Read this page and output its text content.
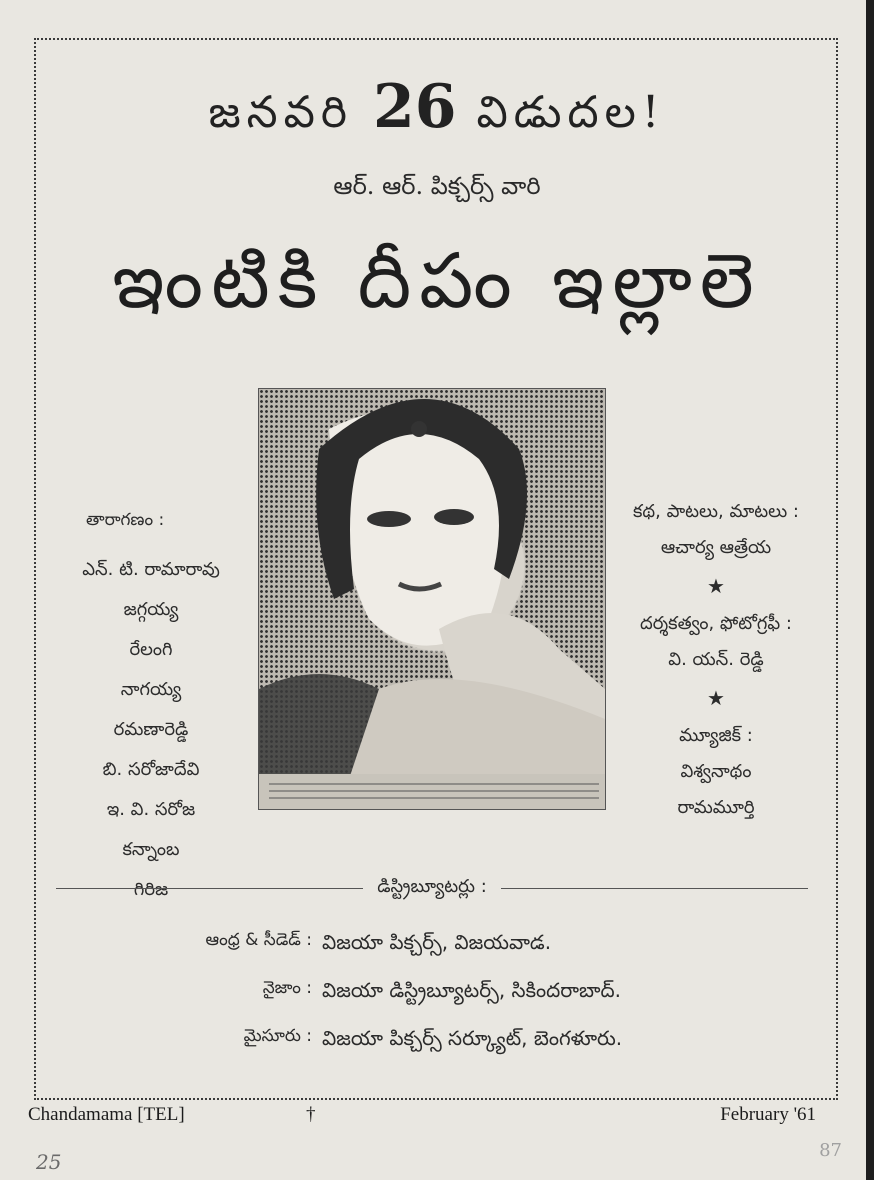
జనవరి 26 విడుదల!
ఆర్. ఆర్. పిక్చర్స్ వారి
ఇంటికి దీపం ఇల్లాలె
తారాగణం :
ఎన్. టి. రామారావు
జగ్గయ్య
రేలంగి
నాగయ్య
రమణారెడ్డి
బి. సరోజాదేవి
ఇ. వి. సరోజ
కన్నాంబ
గిరిజ
కథ, పాటలు, మాటలు :
ఆచార్య ఆత్రేయ
★
దర్శకత్వం, ఫోటోగ్రఫీ :
వి. యన్. రెడ్డి
★
మ్యూజిక్ :
విశ్వనాథం
రామమూర్తి
డిస్ట్రిబ్యూటర్లు :
ఆంధ్ర & సీడెడ్ : విజయా పిక్చర్స్, విజయవాడ.
నైజాం : విజయా డిస్ట్రిబ్యూటర్స్, సికిందరాబాద్.
మైసూరు : విజయా పిక్చర్స్ సర్క్యూట్, బెంగళూరు.
Chandamama [TEL]	†	February '61
25	87
